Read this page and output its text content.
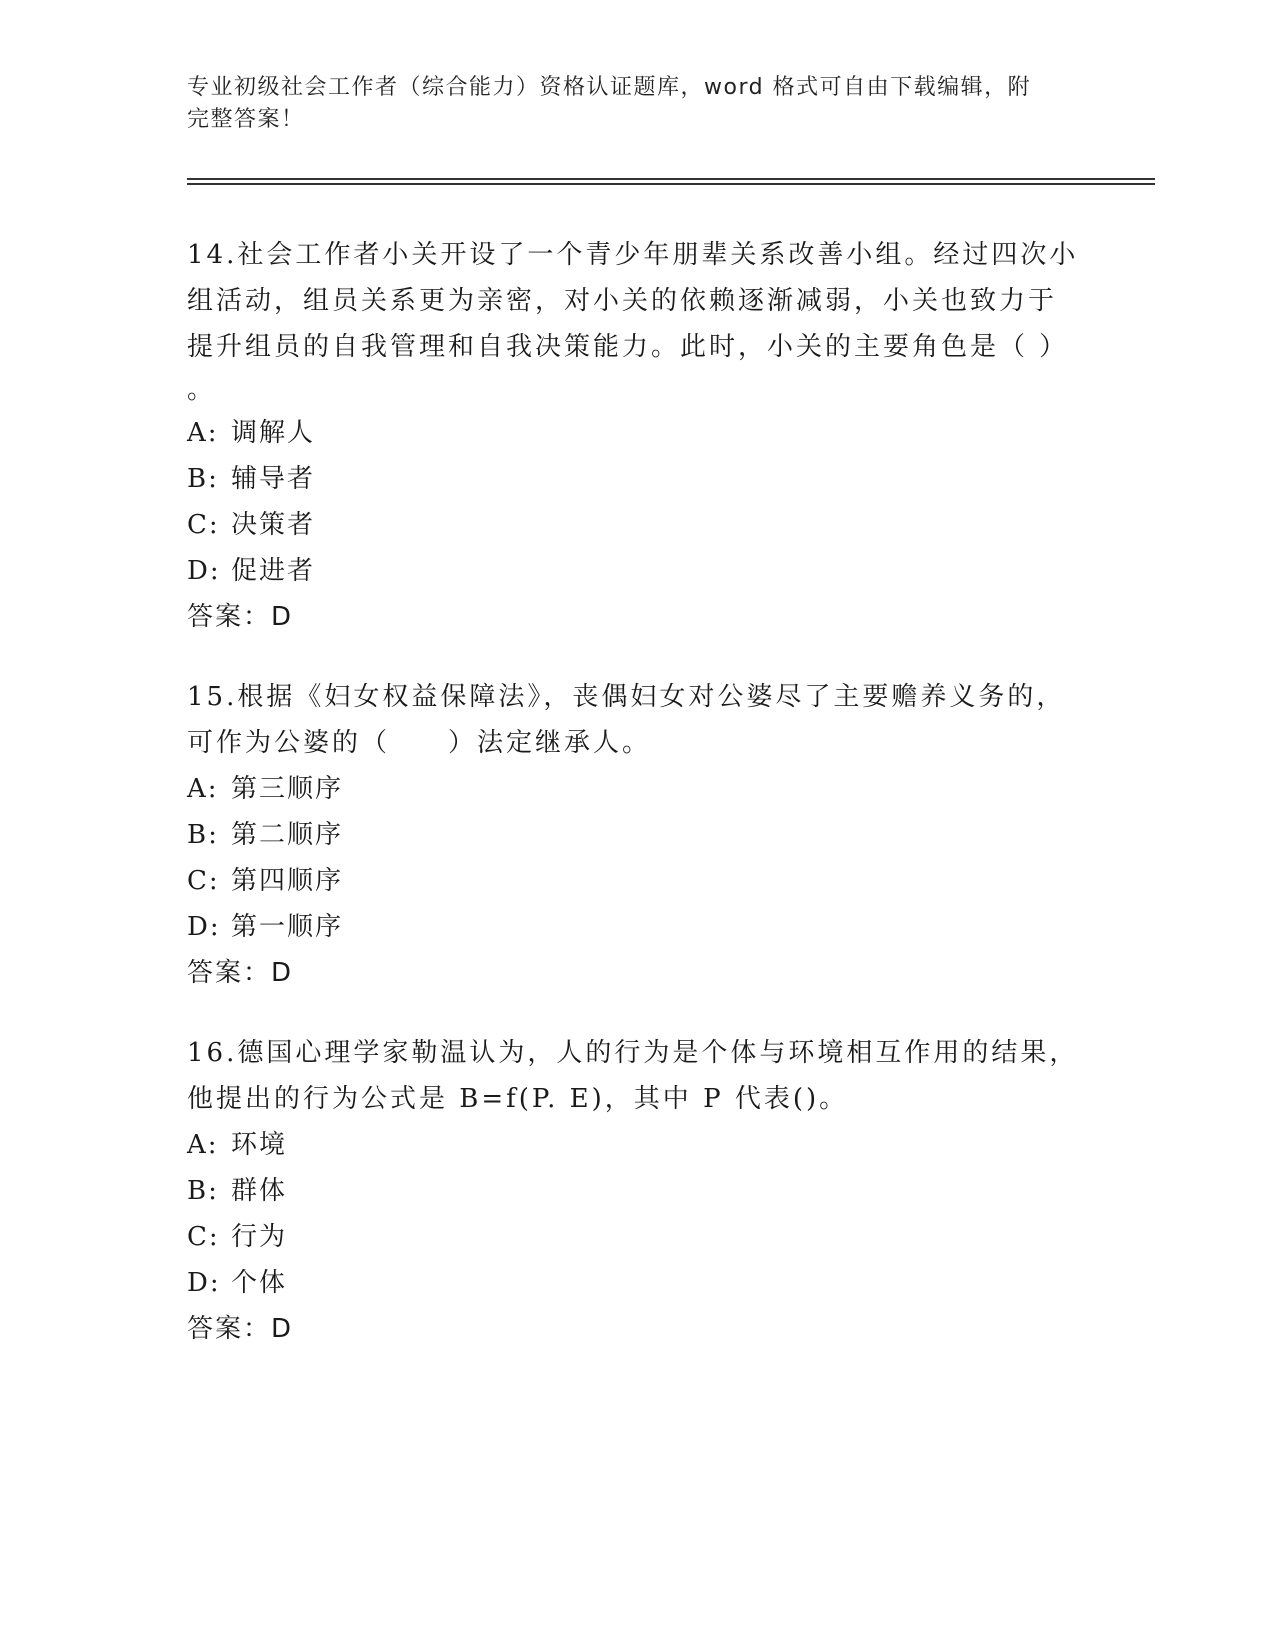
专业初级社会工作者（综合能力）资格认证题库，word 格式可自由下载编辑，附
完整答案！

14.社会工作者小关开设了一个青少年朋辈关系改善小组。经过四次小

组活动，组员关系更为亲密，对小关的依赖逐渐减弱，小关也致力于

提升组员的自我管理和自我决策能力。此时，小关的主要角色是（ ）

。

A: 调解人
B: 辅导者
C: 决策者
D: 促进者

答案：D

15.根据《妇女权益保障法》，丧偶妇女对公婆尽了主要赡养义务的，

可作为公婆的（　　）法定继承人。

A: 第三顺序
B: 第二顺序
C: 第四顺序
D: 第一顺序

答案：D

16.德国心理学家勒温认为，人的行为是个体与环境相互作用的结果，

他提出的行为公式是 B=f(P. E)，其中 P 代表()。

A: 环境
B: 群体
C: 行为
D: 个体

答案：D
